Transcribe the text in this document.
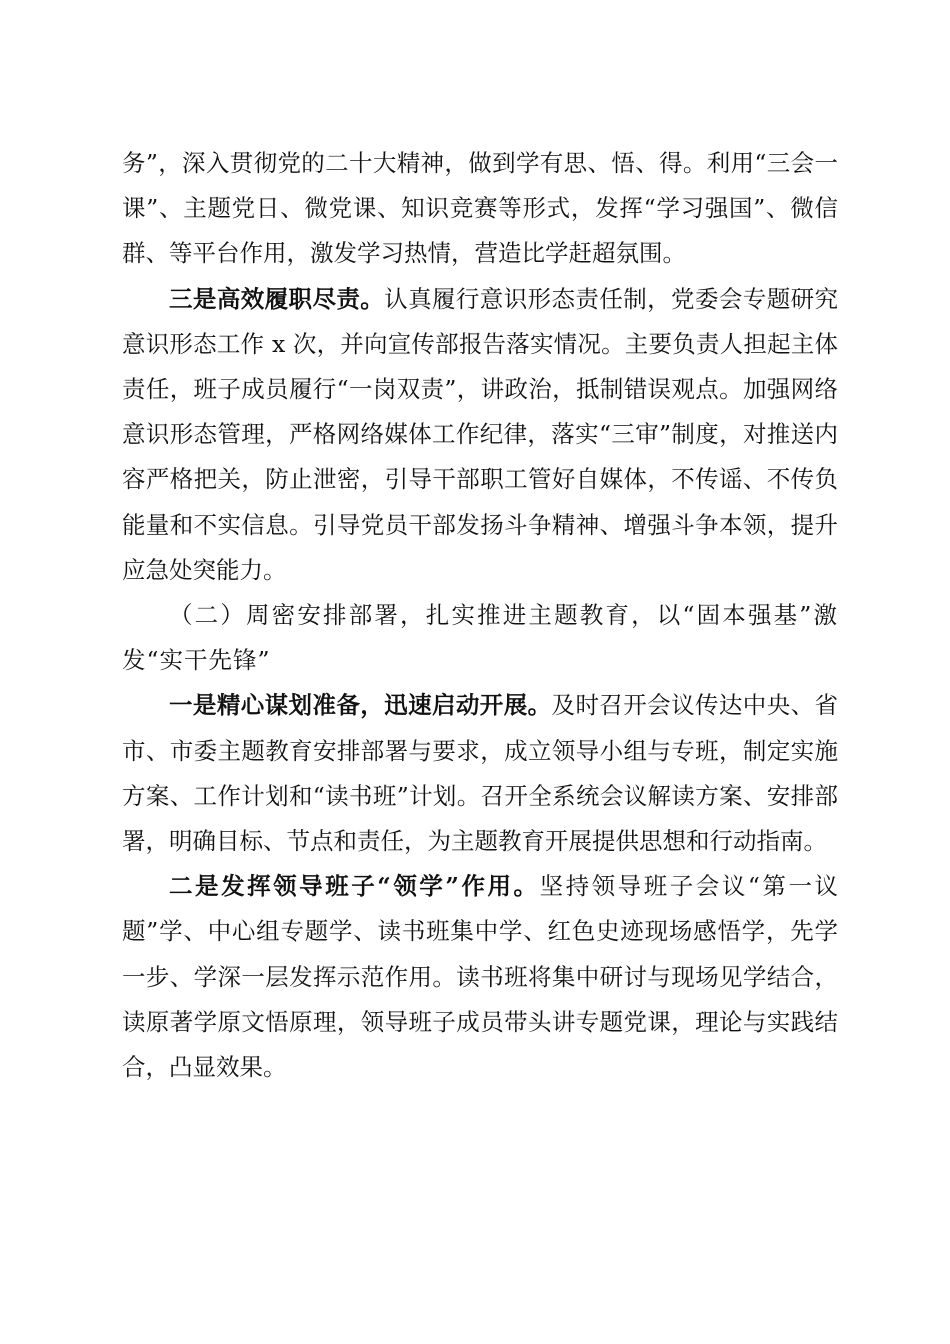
务”，深入贯彻党的二十大精神，做到学有思、悟、得。利用“三会一课”、主题党日、微党课、知识竞赛等形式，发挥“学习强国”、微信群、等平台作用，激发学习热情，营造比学赶超氛围。

三是高效履职尽责。认真履行意识形态责任制，党委会专题研究意识形态工作 x 次，并向宣传部报告落实情况。主要负责人担起主体责任，班子成员履行“一岗双责”，讲政治，抵制错误观点。加强网络意识形态管理，严格网络媒体工作纪律，落实“三审”制度，对推送内容严格把关，防止泄密，引导干部职工管好自媒体，不传谣、不传负能量和不实信息。引导党员干部发扬斗争精神、增强斗争本领，提升应急处突能力。

（二）周密安排部署，扎实推进主题教育，以“固本强基”激发“实干先锋”

一是精心谋划准备，迅速启动开展。及时召开会议传达中央、省市、市委主题教育安排部署与要求，成立领导小组与专班，制定实施方案、工作计划和“读书班”计划。召开全系统会议解读方案、安排部署，明确目标、节点和责任，为主题教育开展提供思想和行动指南。

二是发挥领导班子“领学”作用。坚持领导班子会议“第一议题”学、中心组专题学、读书班集中学、红色史迹现场感悟学，先学一步、学深一层发挥示范作用。读书班将集中研讨与现场见学结合，读原著学原文悟原理，领导班子成员带头讲专题党课，理论与实践结合，凸显效果。
